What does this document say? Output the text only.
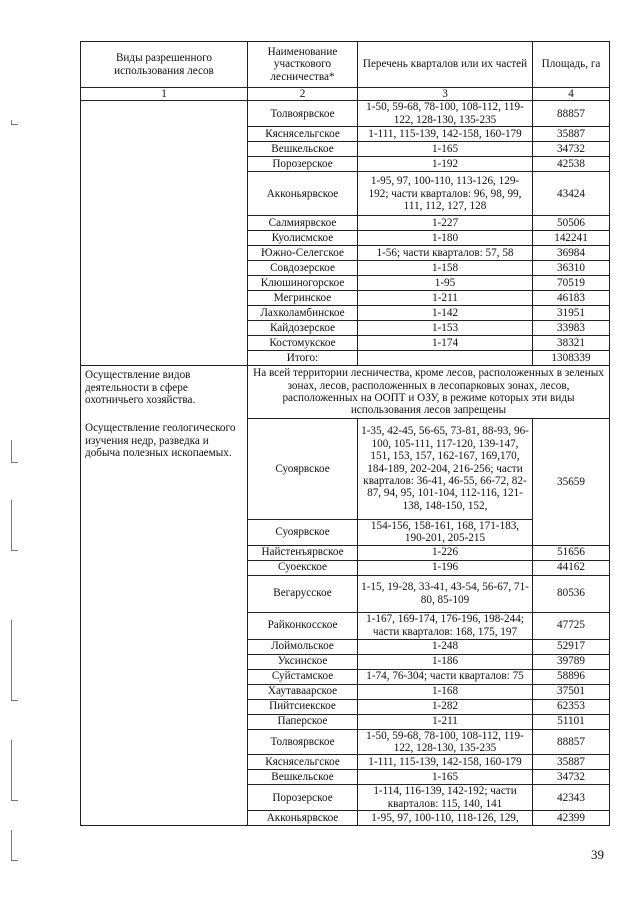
Виды разрешенного использования лесов	Наименование участкового лесничества*	Перечень кварталов или их частей	Площадь, га
1	2	3	4
	Толвоярвское	1-50, 59-68, 78-100, 108-112, 119-122, 128-130, 135-235	88857
	Кяснясельгское	1-111, 115-139, 142-158, 160-179	35887
	Вешкельское	1-165	34732
	Порозерское	1-192	42538
	Акконьярвское	1-95, 97, 100-110, 113-126, 129-192; части кварталов: 96, 98, 99, 111, 112, 127, 128	43424
	Салмиярвское	1-227	50506
	Куолисмское	1-180	142241
	Южно-Селегское	1-56; части кварталов: 57, 58	36984
	Совдозерское	1-158	36310
	Клюшиногорское	1-95	70519
	Мегринское	1-211	46183
	Лахколамбинское	1-142	31951
	Кайдозерское	1-153	33983
	Костомукское	1-174	38321
	Итого:		1308339

Осуществление видов деятельности в сфере охотничьего хозяйства.

Осуществление геологического изучения недр, разведка и добыча полезных ископаемых.	На всей территории лесничества, кроме лесов, расположенных в зеленых зонах, лесов, расположенных в лесопарковых зонах, лесов, расположенных на ООПТ и ОЗУ, в режиме которых эти виды использования лесов запрещены		
	Суоярвское	1-35, 42-45, 56-65, 73-81, 88-93, 96-100, 105-111, 117-120, 139-147, 151, 153, 157, 162-167, 169,170, 184-189, 202-204, 216-256; части кварталов: 36-41, 46-55, 66-72, 82-87, 94, 95, 101-104, 112-116, 121-138, 148-150, 152,	35659
	Суоярвское	154-156, 158-161, 168, 171-183, 190-201, 205-215	
	Найстенъярвское	1-226	51656
	Суоекское	1-196	44162
	Вегарусское	1-15, 19-28, 33-41, 43-54, 56-67, 71-80, 85-109	80536
	Райконкосское	1-167, 169-174, 176-196, 198-244; части кварталов: 168, 175, 197	47725
	Лоймольское	1-248	52917
	Уксинское	1-186	39789
	Суйстамское	1-74, 76-304; части кварталов: 75	58896
	Хаутаваарское	1-168	37501
	Пийтсиекское	1-282	62353
	Паперское	1-211	51101
	Толвоярвское	1-50, 59-68, 78-100, 108-112, 119-122, 128-130, 135-235	88857
	Кяснясельгское	1-111, 115-139, 142-158, 160-179	35887
	Вешкельское	1-165	34732
	Порозерское	1-114, 116-139, 142-192; части кварталов: 115, 140, 141	42343
	Акконьярвское	1-95, 97, 100-110, 118-126, 129,	42399
39
